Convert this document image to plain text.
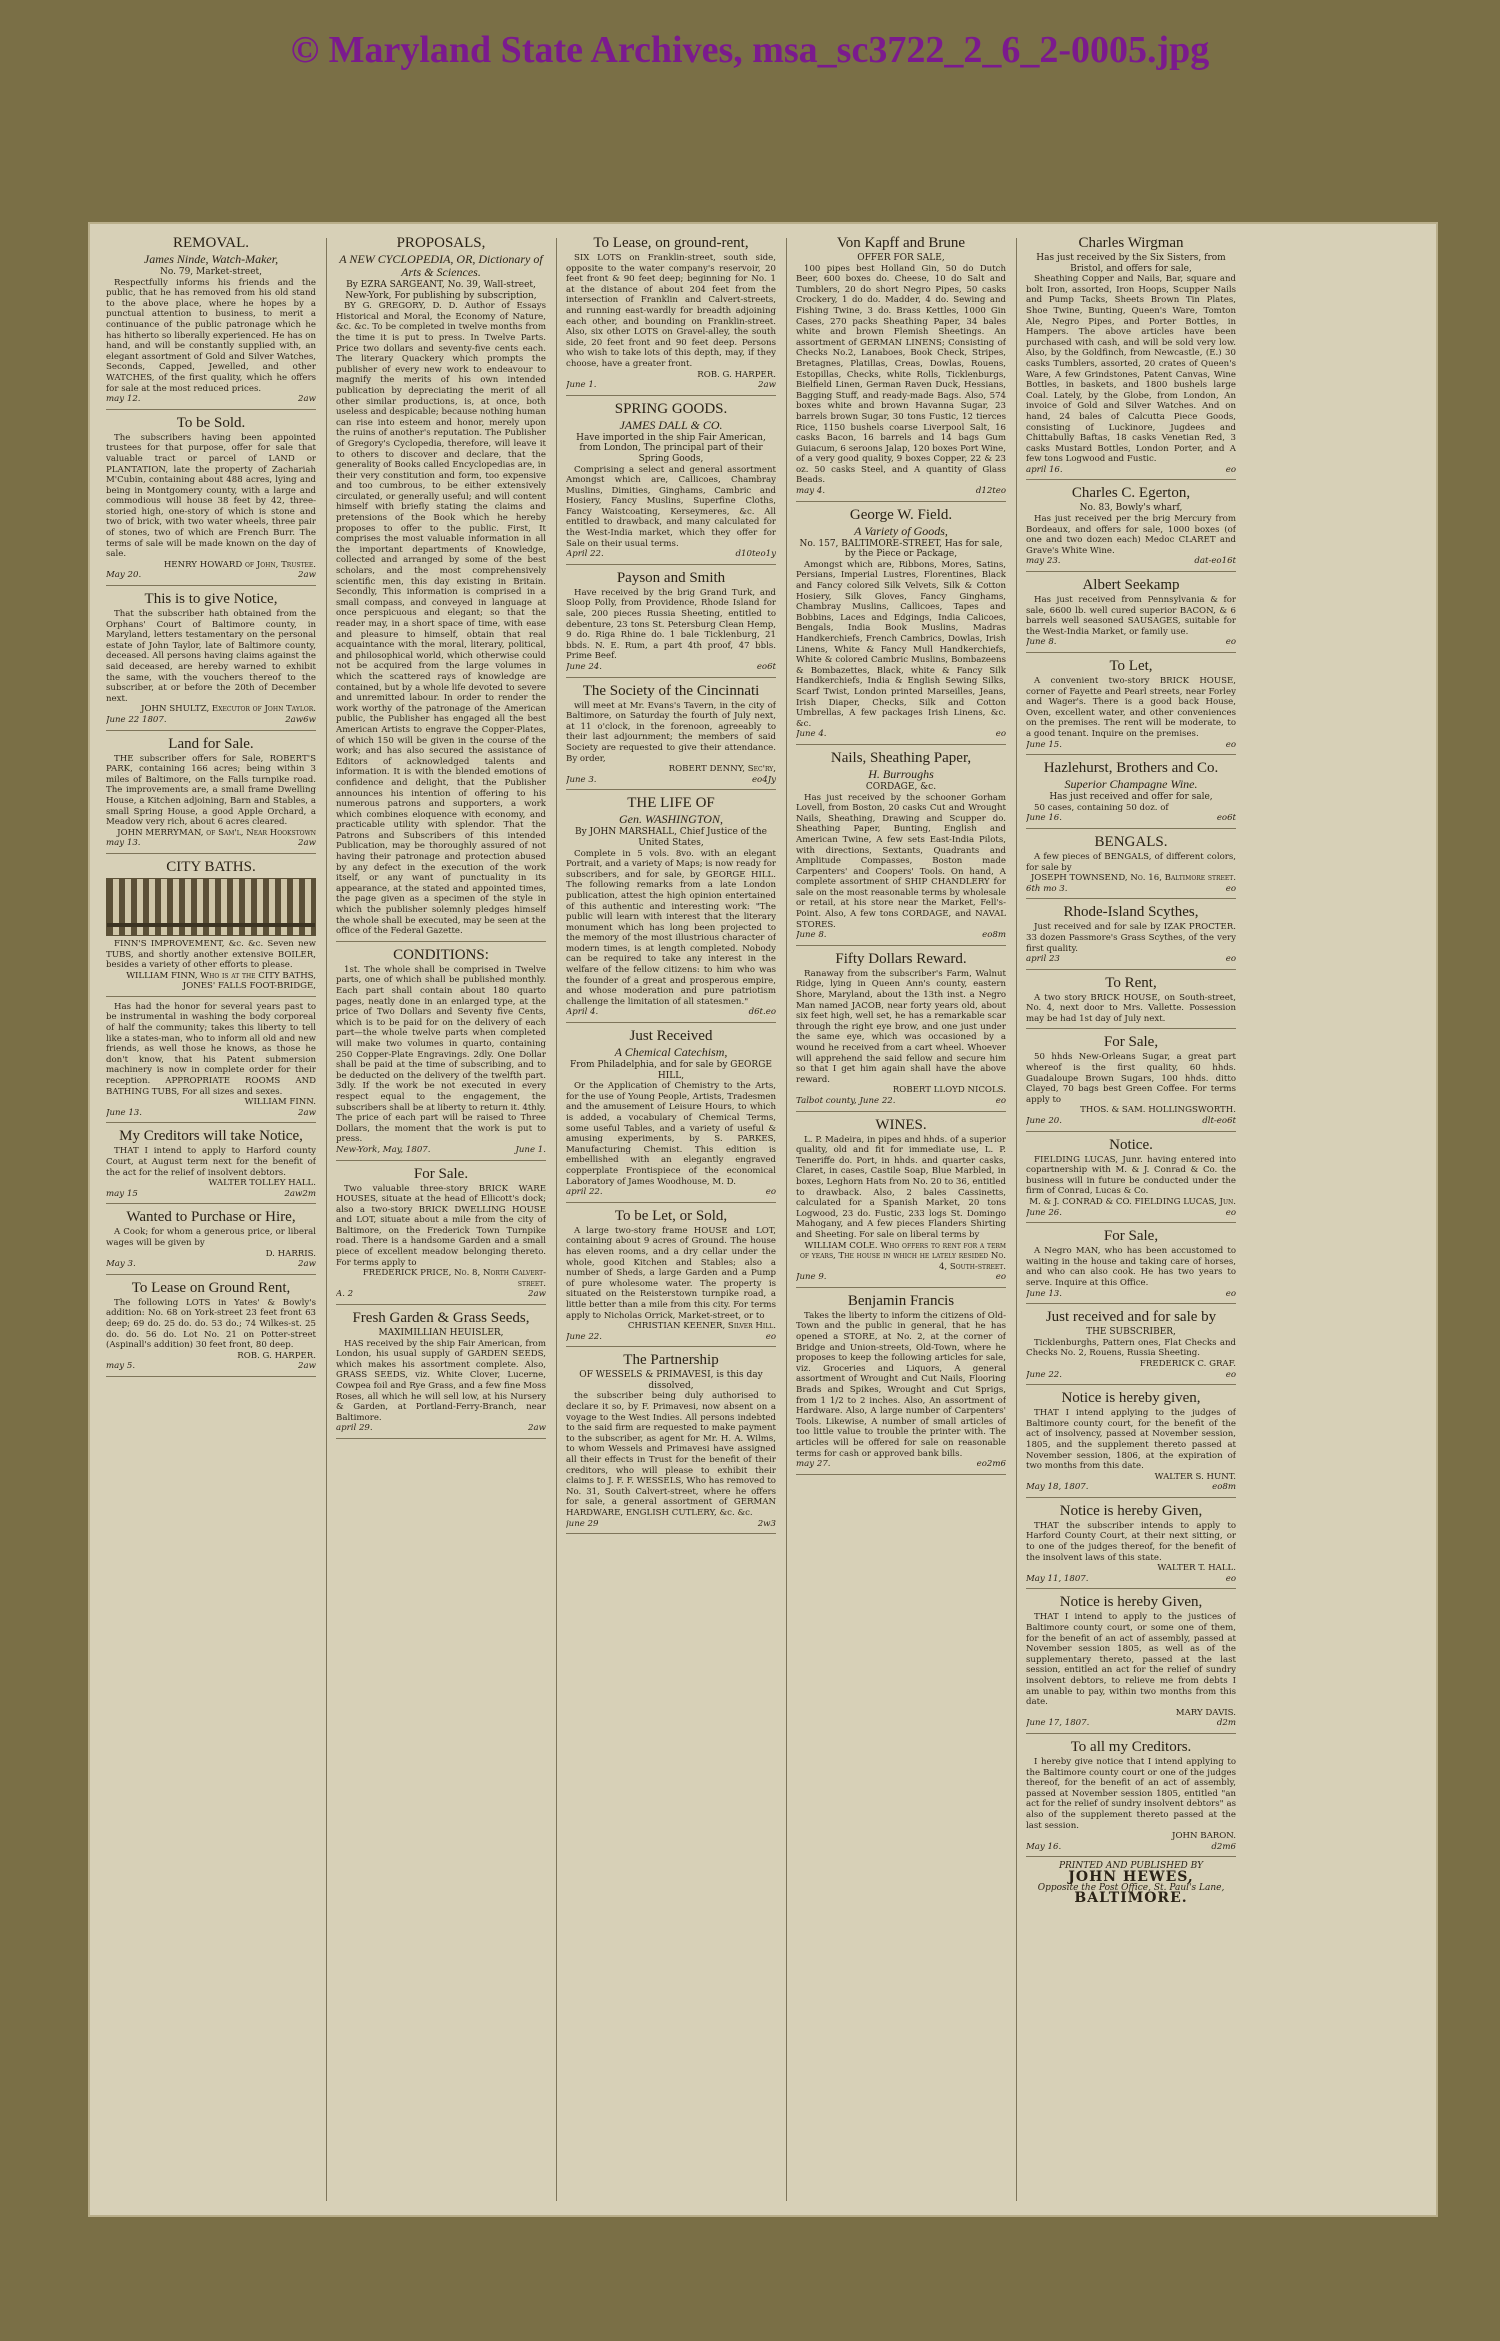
© Maryland State Archives, msa_sc3722_2_6_2-0005.jpg
REMOVAL.
James Ninde, Watch-Maker,

No. 79, Market-street,

Respectfully informs his friends and the public, that he has removed from his old stand to the above place, where he hopes by a punctual attention to business, to merit a continuance of the public patronage which he has hitherto so liberally experienced. He has on hand, and will be constantly supplied with, an elegant assortment of Gold and Silver Watches, Seconds, Capped, Jewelled, and other WATCHES, of the first quality, which he offers for sale at the most reduced prices.

may 12.	2aw

To be Sold.

The subscribers having been appointed trustees for that purpose, offer for sale that valuable tract or parcel of LAND or PLANTATION, late the property of Zachariah M'Cubin, containing about 488 acres, lying and being in Montgomery county, with a large and commodious will house 38 feet by 42, three-storied high, one-story of which is stone and two of brick, with two water wheels, three pair of stones, two of which are French Burr. The terms of sale will be made known on the day of sale.

HENRY HOWARD of John, Trustee.

May 20.	2aw

This is to give Notice,

That the subscriber hath obtained from the Orphans' Court of Baltimore county, in Maryland, letters testamentary on the personal estate of John Taylor, late of Baltimore county, deceased. All persons having claims against the said deceased, are hereby warned to exhibit the same, with the vouchers thereof to the subscriber, at or before the 20th of December next.

JOHN SHULTZ, Executor of John Taylor.

June 22 1807.	2aw6w

Land for Sale.

THE subscriber offers for Sale, ROBERT'S PARK, containing 166 acres; being within 3 miles of Baltimore, on the Falls turnpike road. The improvements are, a small frame Dwelling House, a Kitchen adjoining, Barn and Stables, a small Spring House, a good Apple Orchard, a Meadow very rich, about 6 acres cleared.

JOHN MERRYMAN, of Sam'l, Near Hookstown

may 13.	2aw

CITY BATHS.

FINN'S IMPROVEMENT, &c. &c. Seven new TUBS, and shortly another extensive BOILER, besides a variety of other efforts to please.

WILLIAM FINN, Who is at the CITY BATHS, JONES' FALLS FOOT-BRIDGE,

Has had the honor for several years past to be instrumental in washing the body corporeal of half the community; takes this liberty to tell like a states-man, who to inform all old and new friends, as well those he knows, as those he don't know, that his Patent submersion machinery is now in complete order for their reception. APPROPRIATE ROOMS AND BATHING TUBS, For all sizes and sexes.

WILLIAM FINN.

June 13.	2aw

My Creditors will take Notice,

THAT I intend to apply to Harford county Court, at August term next for the benefit of the act for the relief of insolvent debtors.

WALTER TOLLEY HALL.

may 15	2aw2m

Wanted to Purchase or Hire,

A Cook; for whom a generous price, or liberal wages will be given by

D. HARRIS.

May 3.	2aw

To Lease on Ground Rent,

The following LOTS in Yates' & Bowly's addition: No. 68 on York-street 23 feet front 63 deep; 69 do. 25 do. do. 53 do.; 74 Wilkes-st. 25 do. do. 56 do. Lot No. 21 on Potter-street (Aspinall's addition) 30 feet front, 80 deep.

ROB. G. HARPER.

may 5.	2aw

PROPOSALS,
A NEW CYCLOPEDIA, OR, Dictionary of Arts & Sciences.

By EZRA SARGEANT, No. 39, Wall-street, New-York, For publishing by subscription,

BY G. GREGORY, D. D. Author of Essays Historical and Moral, the Economy of Nature, &c. &c. To be completed in twelve months from the time it is put to press. In Twelve Parts. Price two dollars and seventy-five cents each. The literary Quackery which prompts the publisher of every new work to endeavour to magnify the merits of his own intended publication by depreciating the merit of all other similar productions, is, at once, both useless and despicable; because nothing human can rise into esteem and honor, merely upon the ruins of another's reputation. The Publisher of Gregory's Cyclopedia, therefore, will leave it to others to discover and declare, that the generality of Books called Encyclopedias are, in their very constitution and form, too expensive and too cumbrous, to be either extensively circulated, or generally useful; and will content himself with briefly stating the claims and pretensions of the Book which he hereby proposes to offer to the public. First, It comprises the most valuable information in all the important departments of Knowledge, collected and arranged by some of the best scholars, and the most comprehensively scientific men, this day existing in Britain. Secondly, This information is comprised in a small compass, and conveyed in language at once perspicuous and elegant; so that the reader may, in a short space of time, with ease and pleasure to himself, obtain that real acquaintance with the moral, literary, political, and philosophical world, which otherwise could not be acquired from the large volumes in which the scattered rays of knowledge are contained, but by a whole life devoted to severe and unremitted labour. In order to render the work worthy of the patronage of the American public, the Publisher has engaged all the best American Artists to engrave the Copper-Plates, of which 150 will be given in the course of the work; and has also secured the assistance of Editors of acknowledged talents and information. It is with the blended emotions of confidence and delight, that the Publisher announces his intention of offering to his numerous patrons and supporters, a work which combines eloquence with economy, and practicable utility with splendor. That the Patrons and Subscribers of this intended Publication, may be thoroughly assured of not having their patronage and protection abused by any defect in the execution of the work itself, or any want of punctuality in its appearance, at the stated and appointed times, the page given as a specimen of the style in which the publisher solemnly pledges himself the whole shall be executed, may be seen at the office of the Federal Gazette.

CONDITIONS:

1st. The whole shall be comprised in Twelve parts, one of which shall be published monthly. Each part shall contain about 180 quarto pages, neatly done in an enlarged type, at the price of Two Dollars and Seventy five Cents, which is to be paid for on the delivery of each part—the whole twelve parts when completed will make two volumes in quarto, containing 250 Copper-Plate Engravings. 2dly. One Dollar shall be paid at the time of subscribing, and to be deducted on the delivery of the twelfth part. 3dly. If the work be not executed in every respect equal to the engagement, the subscribers shall be at liberty to return it. 4thly. The price of each part will be raised to Three Dollars, the moment that the work is put to press.

New-York, May, 1807.	June 1.

For Sale.

Two valuable three-story BRICK WARE HOUSES, situate at the head of Ellicott's dock; also a two-story BRICK DWELLING HOUSE and LOT, situate about a mile from the city of Baltimore, on the Frederick Town Turnpike road. There is a handsome Garden and a small piece of excellent meadow belonging thereto. For terms apply to

FREDERICK PRICE, No. 8, North Calvert-street.

A. 2	2aw

Fresh Garden & Grass Seeds,

MAXIMILLIAN HEUISLER,

HAS received by the ship Fair American, from London, his usual supply of GARDEN SEEDS, which makes his assortment complete. Also, GRASS SEEDS, viz. White Clover, Lucerne, Cowpea foil and Rye Grass, and a few fine Moss Roses, all which he will sell low, at his Nursery & Garden, at Portland-Ferry-Branch, near Baltimore.

april 29.	2aw

To Lease, on ground-rent,

SIX LOTS on Franklin-street, south side, opposite to the water company's reservoir, 20 feet front & 90 feet deep; beginning for No. 1 at the distance of about 204 feet from the intersection of Franklin and Calvert-streets, and running east-wardly for breadth adjoining each other, and bounding on Franklin-street. Also, six other LOTS on Gravel-alley, the south side, 20 feet front and 90 feet deep. Persons who wish to take lots of this depth, may, if they choose, have a greater front.

ROB. G. HARPER.

June 1.	2aw

SPRING GOODS.
JAMES DALL & CO.

Have imported in the ship Fair American, from London, The principal part of their Spring Goods,

Comprising a select and general assortment Amongst which are, Callicoes, Chambray Muslins, Dimities, Ginghams, Cambric and Hosiery, Fancy Muslins, Superfine Cloths, Fancy Waistcoating, Kerseymeres, &c. All entitled to drawback, and many calculated for the West-India market, which they offer for Sale on their usual terms.

April 22.	d10teo1y

Payson and Smith

Have received by the brig Grand Turk, and Sloop Polly, from Providence, Rhode Island for sale, 200 pieces Russia Sheeting, entitled to debenture, 23 tons St. Petersburg Clean Hemp, 9 do. Riga Rhine do. 1 bale Ticklenburg, 21 bbds. N. E. Rum, a part 4th proof, 47 bbls. Prime Beef.

June 24.	eo6t

The Society of the Cincinnati

will meet at Mr. Evans's Tavern, in the city of Baltimore, on Saturday the fourth of July next, at 11 o'clock, in the forenoon, agreeably to their last adjournment; the members of said Society are requested to give their attendance. By order,

ROBERT DENNY, Sec'ry,

June 3.	eo4Jy

THE LIFE OF
Gen. WASHINGTON,

By JOHN MARSHALL, Chief Justice of the United States,

Complete in 5 vols. 8vo. with an elegant Portrait, and a variety of Maps; is now ready for subscribers, and for sale, by GEORGE HILL. The following remarks from a late London publication, attest the high opinion entertained of this authentic and interesting work: "The public will learn with interest that the literary monument which has long been projected to the memory of the most illustrious character of modern times, is at length completed. Nobody can be required to take any interest in the welfare of the fellow citizens: to him who was the founder of a great and prosperous empire, and whose moderation and pure patriotism challenge the limitation of all statesmen."

April 4.	d6t.eo

Just Received
A Chemical Catechism,

From Philadelphia, and for sale by GEORGE HILL,

Or the Application of Chemistry to the Arts, for the use of Young People, Artists, Tradesmen and the amusement of Leisure Hours, to which is added, a vocabulary of Chemical Terms, some useful Tables, and a variety of useful & amusing experiments, by S. PARKES, Manufacturing Chemist. This edition is embellished with an elegantly engraved copperplate Frontispiece of the economical Laboratory of James Woodhouse, M. D.

april 22.	eo

To be Let, or Sold,

A large two-story frame HOUSE and LOT, containing about 9 acres of Ground. The house has eleven rooms, and a dry cellar under the whole, good Kitchen and Stables; also a number of Sheds, a large Garden and a Pump of pure wholesome water. The property is situated on the Reisterstown turnpike road, a little better than a mile from this city. For terms apply to Nicholas Orrick, Market-street, or to

CHRISTIAN KEENER, Silver Hill.

June 22.	eo

The Partnership

OF WESSELS & PRIMAVESI, is this day dissolved,

the subscriber being duly authorised to declare it so, by F. Primavesi, now absent on a voyage to the West Indies. All persons indebted to the said firm are requested to make payment to the subscriber, as agent for Mr. H. A. Wilms, to whom Wessels and Primavesi have assigned all their effects in Trust for the benefit of their creditors, who will please to exhibit their claims to J. F. F. WESSELS, Who has removed to No. 31, South Calvert-street, where he offers for sale, a general assortment of GERMAN HARDWARE, ENGLISH CUTLERY, &c. &c.

june 29	2w3

Von Kapff and Brune

OFFER FOR SALE,

100 pipes best Holland Gin, 50 do Dutch Beer, 600 boxes do. Cheese, 10 do Salt and Tumblers, 20 do short Negro Pipes, 50 casks Crockery, 1 do do. Madder, 4 do. Sewing and Fishing Twine, 3 do. Brass Kettles, 1000 Gin Cases, 270 packs Sheathing Paper, 34 bales white and brown Flemish Sheetings. An assortment of GERMAN LINENS; Consisting of Checks No.2, Lanaboes, Book Check, Stripes, Bretagnes, Platillas, Creas, Dowlas, Rouens, Estopillas, Checks, white Rolls, Ticklenburgs, Bielfield Linen, German Raven Duck, Hessians, Bagging Stuff, and ready-made Bags. Also, 574 boxes white and brown Havanna Sugar, 23 barrels brown Sugar, 30 tons Fustic, 12 tierces Rice, 1150 bushels coarse Liverpool Salt, 16 casks Bacon, 16 barrels and 14 bags Gum Guiacum, 6 seroons Jalap, 120 boxes Port Wine, of a very good quality, 9 boxes Copper, 22 & 23 oz. 50 casks Steel, and A quantity of Glass Beads.

may 4.	d12teo

George W. Field.
A Variety of Goods,

No. 157, BALTIMORE-STREET, Has for sale, by the Piece or Package,

Amongst which are, Ribbons, Mores, Satins, Persians, Imperial Lustres, Florentines, Black and Fancy colored Silk Velvets, Silk & Cotton Hosiery, Silk Gloves, Fancy Ginghams, Chambray Muslins, Callicoes, Tapes and Bobbins, Laces and Edgings, India Calicoes, Bengals, India Book Muslins, Madras Handkerchiefs, French Cambrics, Dowlas, Irish Linens, White & Fancy Mull Handkerchiefs, White & colored Cambric Muslins, Bombazeens & Bombazettes, Black, white & Fancy Silk Handkerchiefs, India & English Sewing Silks, Scarf Twist, London printed Marseilles, Jeans, Irish Diaper, Checks, Silk and Cotton Umbrellas, A few packages Irish Linens, &c. &c.

June 4.	eo

Nails, Sheathing Paper,
H. Burroughs

CORDAGE, &c.

Has just received by the schooner Gorham Lovell, from Boston, 20 casks Cut and Wrought Nails, Sheathing, Drawing and Scupper do. Sheathing Paper, Bunting, English and American Twine, A few sets East-India Pilots, with directions, Sextants, Quadrants and Amplitude Compasses, Boston made Carpenters' and Coopers' Tools. On hand, A complete assortment of SHIP CHANDLERY for sale on the most reasonable terms by wholesale or retail, at his store near the Market, Fell's-Point. Also, A few tons CORDAGE, and NAVAL STORES.

June 8.	eo8m

Fifty Dollars Reward.

Ranaway from the subscriber's Farm, Walnut Ridge, lying in Queen Ann's county, eastern Shore, Maryland, about the 13th inst. a Negro Man named JACOB, near forty years old, about six feet high, well set, he has a remarkable scar through the right eye brow, and one just under the same eye, which was occasioned by a wound he received from a cart wheel. Whoever will apprehend the said fellow and secure him so that I get him again shall have the above reward.

ROBERT LLOYD NICOLS.

Talbot county, June 22.	eo

WINES.

L. P. Madeira, in pipes and hhds. of a superior quality, old and fit for immediate use, L. P. Teneriffe do. Port, in hhds. and quarter casks, Claret, in cases, Castile Soap, Blue Marbled, in boxes, Leghorn Hats from No. 20 to 36, entitled to drawback. Also, 2 bales Cassinetts, calculated for a Spanish Market, 20 tons Logwood, 23 do. Fustic, 233 logs St. Domingo Mahogany, and A few pieces Flanders Shirting and Sheeting. For sale on liberal terms by

WILLIAM COLE. Who offers to rent for a term of years, The house in which he lately resided No. 4, South-street.

June 9.	eo

Benjamin Francis

Takes the liberty to inform the citizens of Old-Town and the public in general, that he has opened a STORE, at No. 2, at the corner of Bridge and Union-streets, Old-Town, where he proposes to keep the following articles for sale, viz. Groceries and Liquors, A general assortment of Wrought and Cut Nails, Flooring Brads and Spikes, Wrought and Cut Sprigs, from 1 1/2 to 2 inches. Also, An assortment of Hardware. Also, A large number of Carpenters' Tools. Likewise, A number of small articles of too little value to trouble the printer with. The articles will be offered for sale on reasonable terms for cash or approved bank bills.

may 27.	eo2m6

Charles Wirgman

Has just received by the Six Sisters, from Bristol, and offers for sale,

Sheathing Copper and Nails, Bar, square and bolt Iron, assorted, Iron Hoops, Scupper Nails and Pump Tacks, Sheets Brown Tin Plates, Shoe Twine, Bunting, Queen's Ware, Tomton Ale, Negro Pipes, and Porter Bottles, in Hampers. The above articles have been purchased with cash, and will be sold very low. Also, by the Goldfinch, from Newcastle, (E.) 30 casks Tumblers, assorted, 20 crates of Queen's Ware, A few Grindstones, Patent Canvas, Wine Bottles, in baskets, and 1800 bushels large Coal. Lately, by the Globe, from London, An invoice of Gold and Silver Watches. And on hand, 24 bales of Calcutta Piece Goods, consisting of Luckinore, Jugdees and Chittabully Baftas, 18 casks Venetian Red, 3 casks Mustard Bottles, London Porter, and A few tons Logwood and Fustic.

april 16.	eo

Charles C. Egerton,

No. 83, Bowly's wharf,

Has just received per the brig Mercury from Bordeaux, and offers for sale, 1000 boxes (of one and two dozen each) Medoc CLARET and Grave's White Wine.

may 23.	dat-eo16t

Albert Seekamp

Has just received from Pennsylvania & for sale, 6600 lb. well cured superior BACON, & 6 barrels well seasoned SAUSAGES, suitable for the West-India Market, or family use.

June 8.	eo

To Let,

A convenient two-story BRICK HOUSE, corner of Fayette and Pearl streets, near Forley and Wager's. There is a good back House, Oven, excellent water, and other conveniences on the premises. The rent will be moderate, to a good tenant. Inquire on the premises.

June 15.	eo

Hazlehurst, Brothers and Co.
Superior Champagne Wine.

Has just received and offer for sale,

50 cases, containing 50 doz. of

June 16.	eo6t

BENGALS.

A few pieces of BENGALS, of different colors, for sale by

JOSEPH TOWNSEND, No. 16, Baltimore street.

6th mo 3.	eo

Rhode-Island Scythes,

Just received and for sale by IZAK PROCTER. 33 dozen Passmore's Grass Scythes, of the very first quality.

april 23	eo

To Rent,

A two story BRICK HOUSE, on South-street, No. 4, next door to Mrs. Vallette. Possession may be had 1st day of July next.

For Sale,

50 hhds New-Orleans Sugar, a great part whereof is the first quality, 60 hhds. Guadaloupe Brown Sugars, 100 hhds. ditto Clayed, 70 bags best Green Coffee. For terms apply to

THOS. & SAM. HOLLINGSWORTH.

June 20.	dlt-eo6t

Notice.

FIELDING LUCAS, Junr. having entered into copartnership with M. & J. Conrad & Co. the business will in future be conducted under the firm of Conrad, Lucas & Co.

M. & J. CONRAD & CO. FIELDING LUCAS, Jun.

June 26.	eo

For Sale,

A Negro MAN, who has been accustomed to waiting in the house and taking care of horses, and who can also cook. He has two years to serve. Inquire at this Office.

June 13.	eo

Just received and for sale by

THE SUBSCRIBER,

Ticklenburghs, Pattern ones, Flat Checks and Checks No. 2, Rouens, Russia Sheeting.

FREDERICK C. GRAF.

June 22.	eo

Notice is hereby given,

THAT I intend applying to the judges of Baltimore county court, for the benefit of the act of insolvency, passed at November session, 1805, and the supplement thereto passed at November session, 1806, at the expiration of two months from this date.

WALTER S. HUNT.

May 18, 1807.	eo8m

Notice is hereby Given,

THAT the subscriber intends to apply to Harford County Court, at their next sitting, or to one of the judges thereof, for the benefit of the insolvent laws of this state.

WALTER T. HALL.

May 11, 1807.	eo

Notice is hereby Given,

THAT I intend to apply to the justices of Baltimore county court, or some one of them, for the benefit of an act of assembly, passed at November session 1805, as well as of the supplementary thereto, passed at the last session, entitled an act for the relief of sundry insolvent debtors, to relieve me from debts I am unable to pay, within two months from this date.

MARY DAVIS.

June 17, 1807.	d2m

To all my Creditors.

I hereby give notice that I intend applying to the Baltimore county court or one of the judges thereof, for the benefit of an act of assembly, passed at November session 1805, entitled "an act for the relief of sundry insolvent debtors" as also of the supplement thereto passed at the last session.

JOHN BARON.

May 16.	d2m6

PRINTED AND PUBLISHED BY
JOHN HEWES,
Opposite the Post Office, St. Paul's Lane,
BALTIMORE.
